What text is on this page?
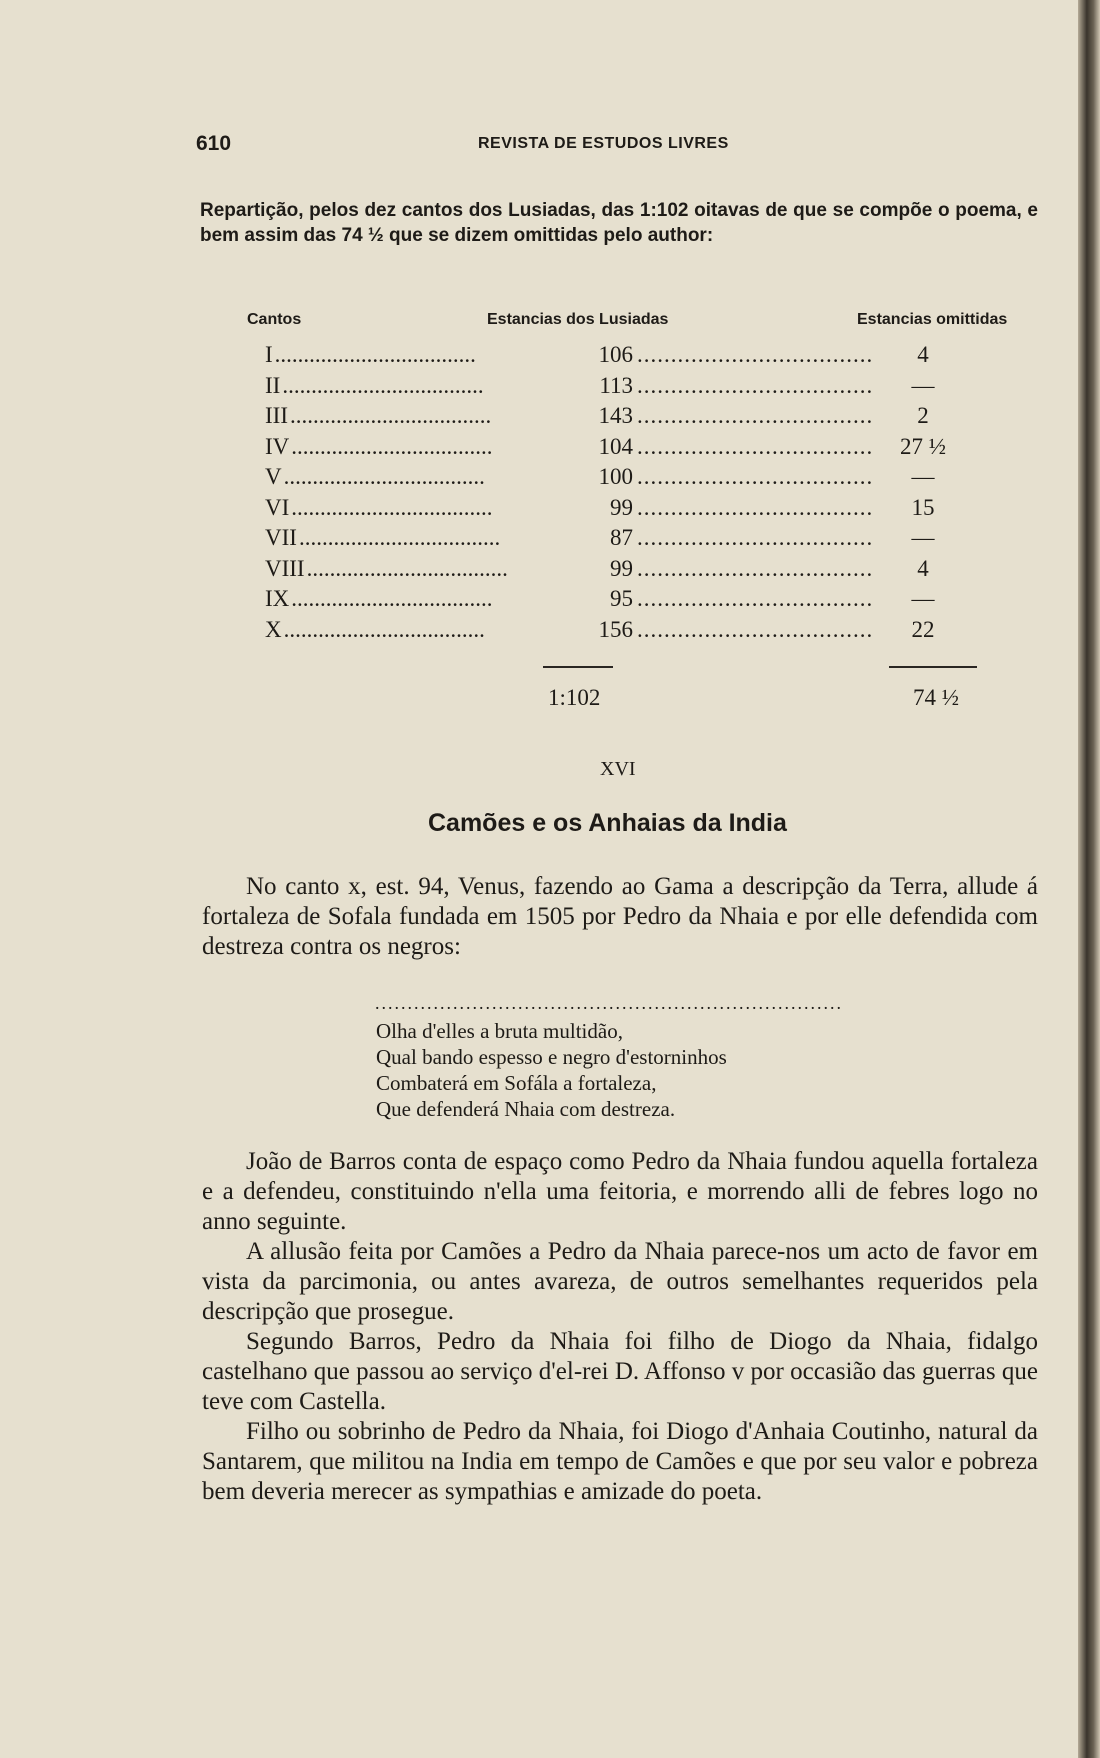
610	REVISTA DE ESTUDOS LIVRES

Repartição, pelos dez cantos dos Lusiadas, das 1:102 oitavas de que se compõe o poema, e bem assim das 74 ½ que se dizem omittidas pelo author:

Cantos	Estancias dos Lusiadas	Estancias omittidas
I...................................	106 ...................................	4
II...................................	113 ...................................	—
III...................................	143 ...................................	2
IV...................................	104 ................................... 27 ½
V...................................	100 ...................................	—
VI...................................	99 ...................................	15
VII...................................	87 ...................................	—
VIII...................................	99 ...................................	4
IX...................................	95 ...................................	—
X...................................	156 ...................................	22
1:102	74 ½
XVI
Camões e os Anhaias da India

No canto x, est. 94, Venus, fazendo ao Gama a descripção da Terra, allude á fortaleza de Sofala fundada em 1505 por Pedro da Nhaia e por elle defendida com destreza contra os negros:

........................................................................
Olha d'elles a bruta multidão,
Qual bando espesso e negro d'estorninhos
Combaterá em Sofála a fortaleza,
Que defenderá Nhaia com destreza.

João de Barros conta de espaço como Pedro da Nhaia fundou aquella fortaleza e a defendeu, constituindo n'ella uma feitoria, e morrendo alli de febres logo no anno seguinte.

A allusão feita por Camões a Pedro da Nhaia parece-nos um acto de favor em vista da parcimonia, ou antes avareza, de outros semelhantes requeridos pela descripção que prosegue.

Segundo Barros, Pedro da Nhaia foi filho de Diogo da Nhaia, fidalgo castelhano que passou ao serviço d'el-rei D. Affonso v por occasião das guerras que teve com Castella.

Filho ou sobrinho de Pedro da Nhaia, foi Diogo d'Anhaia Coutinho, natural da Santarem, que militou na India em tempo de Camões e que por seu valor e pobreza bem deveria merecer as sympathias e amizade do poeta.
